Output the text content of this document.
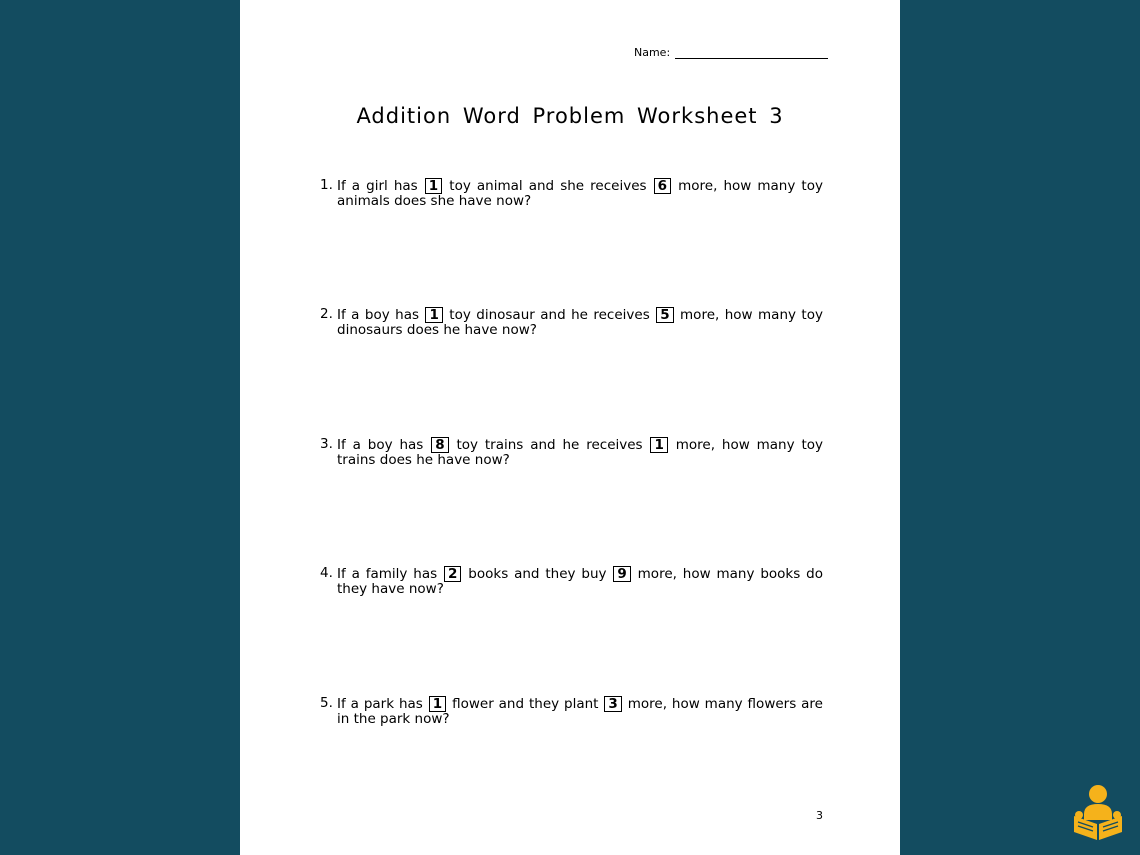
Name:
Addition Word Problem Worksheet 3
1. If a girl has 1 toy animal and she receives 6 more, how many toy animals does she have now?
2. If a boy has 1 toy dinosaur and he receives 5 more, how many toy dinosaurs does he have now?
3. If a boy has 8 toy trains and he receives 1 more, how many toy trains does he have now?
4. If a family has 2 books and they buy 9 more, how many books do they have now?
5. If a park has 1 flower and they plant 3 more, how many flowers are in the park now?
3
